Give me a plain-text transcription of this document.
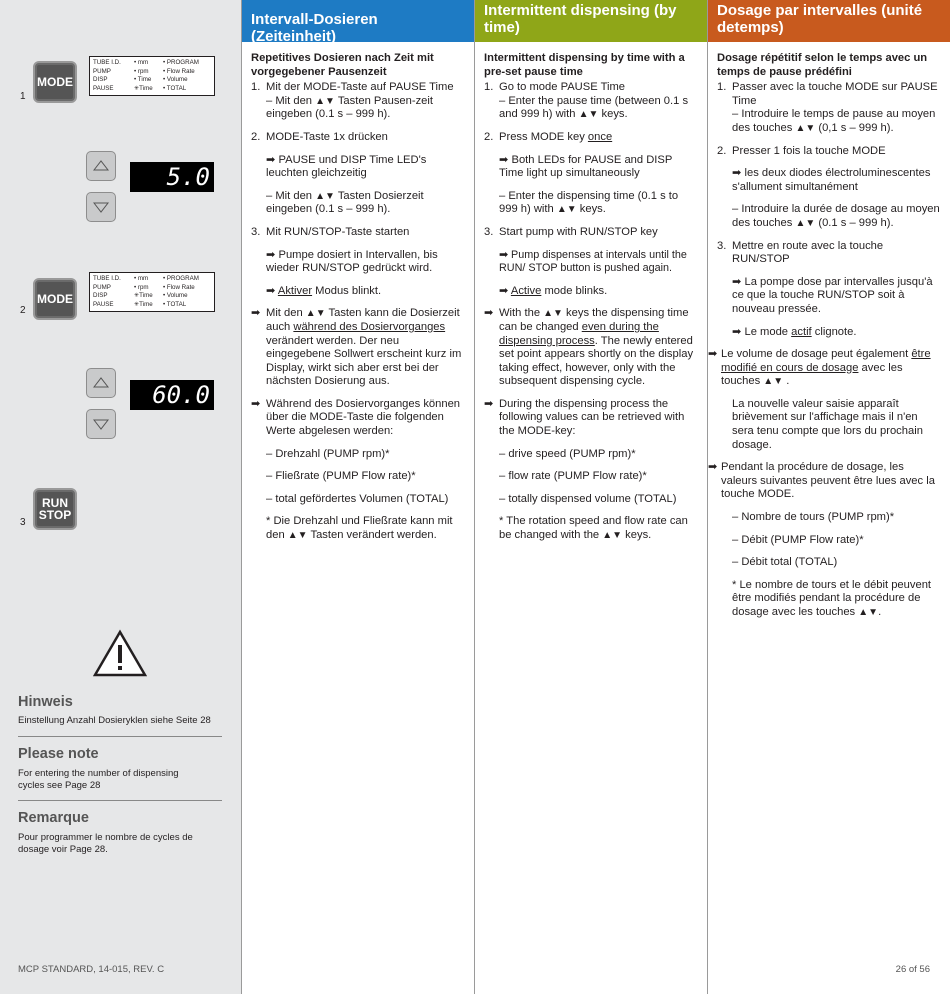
1
MODE
TUBE I.D.	• mm	• PROGRAM
PUMP	• rpm	• Flow Rate
DISP	• Time	• Volume
PAUSE	✳Time	• TOTAL
5.0
2
MODE
TUBE I.D.	• mm	• PROGRAM
PUMP	• rpm	• Flow Rate
DISP	✳Time	• Volume
PAUSE	✳Time	• TOTAL
60.0
3
RUN
STOP
Hinweis
Einstellung Anzahl Dosieryklen siehe Seite 28
Please note
For entering the number of dispensing cycles see Page 28
Remarque
Pour programmer le nombre de cycles de dosage voir Page 28.
MCP STANDARD, 14-015, REV. C
Intervall-Dosieren (Zeiteinheit)

Repetitives Dosieren nach Zeit mit vorgegebener Pausenzeit

1. Mit der MODE-Taste auf PAUSE Time
– Mit den ▲▼ Tasten Pausen-zeit eingeben (0.1 s – 999 h).
2. MODE-Taste 1x drücken

➡ PAUSE und DISP Time LED's leuchten gleichzeitig

– Mit den ▲▼ Tasten Dosierzeit eingeben (0.1 s – 999 h).

3. Mit RUN/STOP-Taste starten

➡ Pumpe dosiert in Intervallen, bis wieder RUN/STOP gedrückt wird.

➡ Aktiver Modus blinkt.

➡ Mit den ▲▼ Tasten kann die Dosierzeit auch während des Dosiervorganges verändert werden. Der neu eingegebene Sollwert erscheint kurz im Display, wirkt sich aber erst bei der nächsten Dosierung aus.
➡ Während des Dosiervorganges können über die MODE-Taste die folgenden Werte abgelesen werden:

– Drehzahl (PUMP rpm)*

– Fließrate (PUMP Flow rate)*

– total gefördertes Volumen (TOTAL)

* Die Drehzahl und Fließrate kann mit den ▲▼ Tasten verändert werden.

Intermittent dispensing (by time)

Intermittent dispensing by time with a pre-set pause time

1. Go to mode PAUSE Time
– Enter the pause time (between 0.1 s and 999 h) with ▲▼ keys.
2. Press MODE key once

➡ Both LEDs for PAUSE and DISP Time light up simultaneously

– Enter the dispensing time (0.1 s to 999 h) with ▲▼ keys.

3. Start pump with RUN/STOP key

➡ Pump dispenses at intervals until the RUN/ STOP button is pushed again.

➡ Active mode blinks.

➡ With the ▲▼ keys the dispensing time can be changed even during the dispensing process. The newly entered set point appears shortly on the display taking effect, however, only with the subsequent dispensing cycle.
➡ During the dispensing process the following values can be retrieved with the MODE-key:

– drive speed (PUMP rpm)*

– flow rate (PUMP Flow rate)*

– totally dispensed volume (TOTAL)

* The rotation speed and flow rate can be changed with the ▲▼ keys.

Dosage par intervalles (unité detemps)

Dosage répétitif selon le temps avec un temps de pause prédéfini

1. Passer avec la touche MODE sur PAUSE Time
– Introduire le temps de pause au moyen des touches ▲▼ (0,1 s – 999 h).
2. Presser 1 fois la touche MODE

➡ les deux diodes électroluminescentes s'allument simultanément

– Introduire la durée de dosage au moyen des touches ▲▼ (0.1 s – 999 h).

3. Mettre en route avec la touche RUN/STOP

➡ La pompe dose par intervalles jusqu'à ce que la touche RUN/STOP soit à nouveau pressée.

➡ Le mode actif clignote.

➡ Le volume de dosage peut également être modifié en cours de dosage avec les touches ▲▼ .

La nouvelle valeur saisie apparaît brièvement sur l'affichage mais il n'en sera tenu compte que lors du prochain dosage.

➡ Pendant la procédure de dosage, les valeurs suivantes peuvent être lues avec la touche MODE.

– Nombre de tours (PUMP rpm)*

– Débit (PUMP Flow rate)*

– Débit total (TOTAL)

* Le nombre de tours et le débit peuvent être modifiés pendant la procédure de dosage avec les touches ▲▼.

26 of 56
